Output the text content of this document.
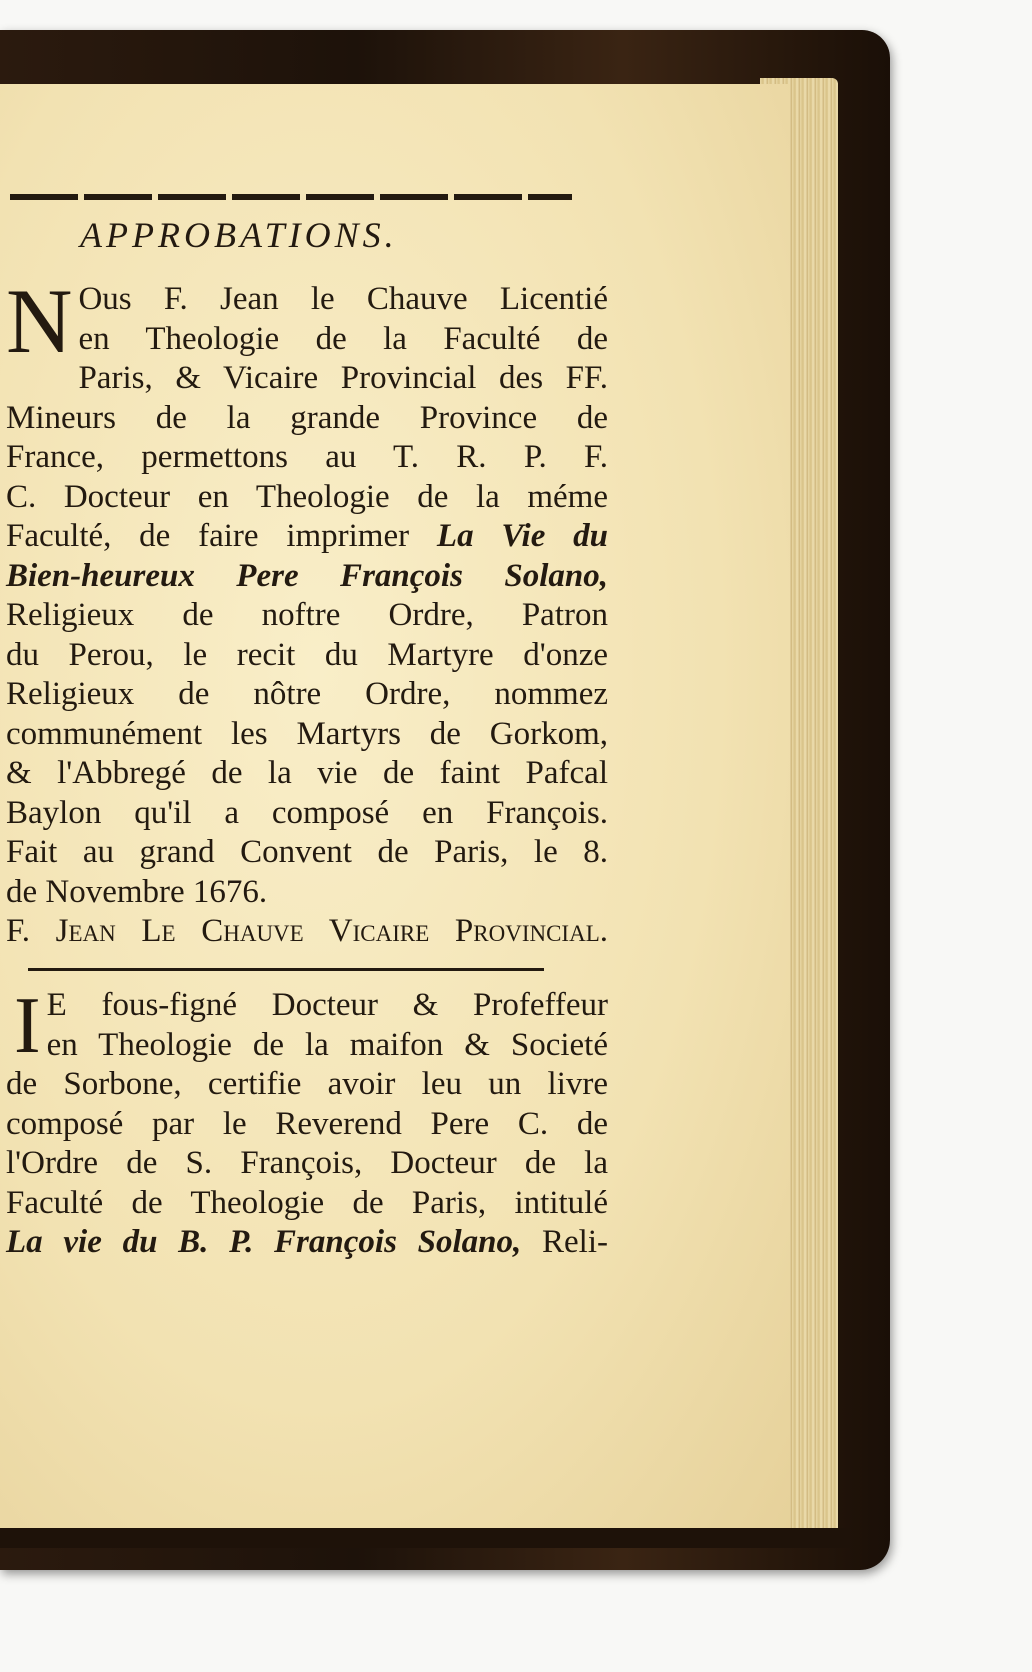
APPROBATIONS.
N Ous F. Jean le Chauve Licentié
en Theologie de la Faculté de
Paris, & Vicaire Provincial des FF.
Mineurs de la grande Province de
France, permettons au T. R. P. F.
C. Docteur en Theologie de la méme
Faculté, de faire imprimer La Vie du
Bien-heureux Pere François Solano,
Religieux de noftre Ordre, Patron
du Perou, le recit du Martyre d'onze
Religieux de nôtre Ordre, nommez
communément les Martyrs de Gorkom,
& l'Abbregé de la vie de faint Pafcal
Baylon qu'il a composé en François.
Fait au grand Convent de Paris, le 8.
de Novembre 1676.
F. Jean Le Chauve Vicaire Provincial.
I E fous-figné Docteur & Profeffeur
en Theologie de la maifon & Societé
de Sorbone, certifie avoir leu un livre
composé par le Reverend Pere C. de
l'Ordre de S. François, Docteur de la
Faculté de Theologie de Paris, intitulé
La vie du B. P. François Solano, Reli-
